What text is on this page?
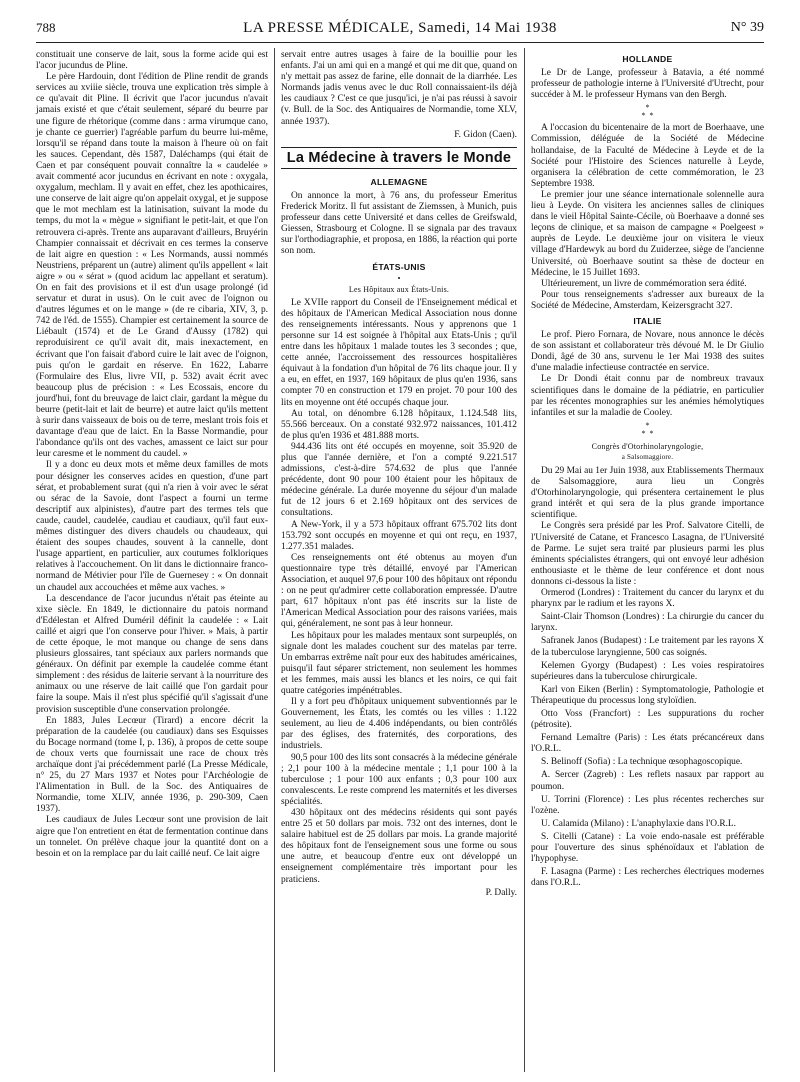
788	LA PRESSE MÉDICALE, Samedi, 14 Mai 1938	N° 39

constituait une conserve de lait, sous la forme acide qui est l'acor jucundus de Pline.

Le père Hardouin, dont l'édition de Pline rendit de grands services au xviiie siècle, trouva une explication très simple à ce qu'avait dit Pline. Il écrivit que l'acor jucundus n'avait jamais existé et que c'était seulement, séparé du beurre par une figure de rhétorique (comme dans : arma virumque cano, je chante ce guerrier) l'agréable parfum du beurre lui-même, lorsqu'il se répand dans toute la maison à l'heure où on fait les sauces. Cependant, dès 1587, Daléchamps (qui était de Caen et par conséquent pouvait connaître la « caudelée » avait commenté acor jucundus en écrivant en note : oxygala, oxygalum, mechlam. Il y avait en effet, chez les apothicaires, une conserve de lait aigre qu'on appelait oxygal, et je suppose que le mot mechlam est la latinisation, suivant la mode du temps, du mot la « mègue » signifiant le petit-lait, et que l'on retrouvera ci-après. Trente ans auparavant d'ailleurs, Bruyérin Champier connaissait et décrivait en ces termes la conserve de lait aigre en question : « Les Normands, aussi nommés Neustriens, préparent un (autre) aliment qu'ils appellent « lait aigre » ou « sérat » (quod acidum lac appellant et seratum). On en fait des provisions et il est d'un usage prolongé (id servatur et durat in usus). On le cuit avec de l'oignon ou d'autres légumes et on le mange » (de re cibaria, XIV, 3, p. 742 de l'éd. de 1555). Champier est certainement la source de Liébault (1574) et de Le Grand d'Aussy (1782) qui reproduisirent ce qu'il avait dit, mais inexactement, en écrivant que l'on faisait d'abord cuire le lait avec de l'oignon, puis qu'on le gardait en réserve. En 1622, Labarre (Formulaire des Elus, livre VII, p. 532) avait écrit avec beaucoup plus de précision : « Les Ecossais, encore du jourd'hui, font du breuvage de laict clair, gardant la mègue du beurre (petit-lait et lait de beurre) et autre laict qu'ils mettent à surir dans vaisseaux de bois ou de terre, meslant trois fois et davantage d'eau que de laict. En la Basse Normandie, pour l'abondance qu'ils ont des vaches, amassent ce laict sur pour leur caresme et le nomment du caudel. »

Il y a donc eu deux mots et même deux familles de mots pour désigner les conserves acides en question, d'une part sérat, et probablement surat (qui n'a rien à voir avec le sérat ou sérac de la Savoie, dont l'aspect a fourni un terme descriptif aux alpinistes), d'autre part des termes tels que caude, caudel, caudelée, caudiau et caudiaux, qu'il faut eux-mêmes distinguer des divers chaudels ou chaudeaux, qui étaient des soupes chaudes, souvent à la cannelle, dont l'usage appartient, en particulier, aux coutumes folkloriques relatives à l'accouchement. On lit dans le dictionnaire franco-normand de Métivier pour l'île de Guernesey : « On donnait un chaudel aux accouchées et même aux vaches. »

La descendance de l'acor jucundus n'était pas éteinte au xixe siècle. En 1849, le dictionnaire du patois normand d'Edélestan et Alfred Duméril définit la caudelée : « Lait caillé et aigri que l'on conserve pour l'hiver. » Mais, à partir de cette époque, le mot manque ou change de sens dans plusieurs glossaires, tant spéciaux aux parlers normands que généraux. On définit par exemple la caudelée comme étant simplement : des résidus de laiterie servant à la nourriture des animaux ou une réserve de lait caillé que l'on gardait pour faire la soupe. Mais il n'est plus spécifié qu'il s'agissait d'une provision susceptible d'une conservation prolongée.

En 1883, Jules Lecœur (Tirard) a encore décrit la préparation de la caudelée (ou caudiaux) dans ses Esquisses du Bocage normand (tome I, p. 136), à propos de cette soupe de choux verts que fournissait une race de choux très archaïque dont j'ai précédemment parlé (La Presse Médicale, n° 25, du 27 Mars 1937 et Notes pour l'Archéologie de l'Alimentation in Bull. de la Soc. des Antiquaires de Normandie, tome XLIV, année 1936, p. 290-309, Caen 1937).

Les caudiaux de Jules Lecœur sont une provision de lait aigre que l'on entretient en état de fermentation continue dans un tonnelet. On prélève chaque jour la quantité dont on a besoin et on la remplace par du lait caillé neuf. Ce lait aigre

servait entre autres usages à faire de la bouillie pour les enfants. J'ai un ami qui en a mangé et qui me dit que, quand on n'y mettait pas assez de farine, elle donnait de la diarrhée. Les Normands jadis venus avec le duc Roll connaissaient-ils déjà les caudiaux ? C'est ce que jusqu'ici, je n'ai pas réussi à savoir (v. Bull. de la Soc. des Antiquaires de Normandie, tome XLV, année 1937).

F. Gidon (Caen).

La Médecine à travers le Monde
ALLEMAGNE

On annonce la mort, à 76 ans, du professeur Emeritus Frederick Moritz. Il fut assistant de Ziemssen, à Munich, puis professeur dans cette Université et dans celles de Greifswald, Giessen, Strasbourg et Cologne. Il se signala par des travaux sur l'orthodiagraphie, et proposa, en 1886, la réaction qui porte son nom.

ÉTATS-UNIS
•
Les Hôpitaux aux États-Unis.

Le XVIIe rapport du Conseil de l'Enseignement médical et des hôpitaux de l'American Medical Association nous donne des renseignements intéressants. Nous y apprenons que 1 personne sur 14 est soignée à l'hôpital aux Etats-Unis ; qu'il entre dans les hôpitaux 1 malade toutes les 3 secondes ; que, cette année, l'accroissement des ressources hospitalières équivaut à la fondation d'un hôpital de 76 lits chaque jour. Il y a eu, en effet, en 1937, 169 hôpitaux de plus qu'en 1936, sans compter 70 en construction et 179 en projet. 70 pour 100 des lits en moyenne ont été occupés chaque jour.

Au total, on dénombre 6.128 hôpitaux, 1.124.548 lits, 55.566 berceaux. On a constaté 932.972 naissances, 101.412 de plus qu'en 1936 et 481.888 morts.

944.436 lits ont été occupés en moyenne, soit 35.920 de plus que l'année dernière, et l'on a compté 9.221.517 admissions, c'est-à-dire 574.632 de plus que l'année précédente, dont 90 pour 100 étaient pour les hôpitaux de médecine générale. La durée moyenne du séjour d'un malade fut de 12 jours 6 et 2.169 hôpitaux ont des services de consultations.

A New-York, il y a 573 hôpitaux offrant 675.702 lits dont 153.792 sont occupés en moyenne et qui ont reçu, en 1937, 1.277.351 malades.

Ces renseignements ont été obtenus au moyen d'un questionnaire type très détaillé, envoyé par l'American Association, et auquel 97,6 pour 100 des hôpitaux ont répondu : on ne peut qu'admirer cette collaboration empressée. D'autre part, 617 hôpitaux n'ont pas été inscrits sur la liste de l'American Medical Association pour des raisons variées, mais qui, généralement, ne sont pas à leur honneur.

Les hôpitaux pour les malades mentaux sont surpeuplés, on signale dont les malades couchent sur des matelas par terre. Un embarras extrême naît pour eux des habitudes américaines, puisqu'il faut séparer strictement, non seulement les hommes et les femmes, mais aussi les blancs et les noirs, ce qui fait quatre catégories impénétrables.

Il y a fort peu d'hôpitaux uniquement subventionnés par le Gouvernement, les États, les comtés ou les villes : 1.122 seulement, au lieu de 4.406 indépendants, ou bien contrôlés par des églises, des fraternités, des corporations, des industriels.

90,5 pour 100 des lits sont consacrés à la médecine générale ; 2,1 pour 100 à la médecine mentale ; 1,1 pour 100 à la tuberculose ; 1 pour 100 aux enfants ; 0,3 pour 100 aux convalescents. Le reste comprend les maternités et les diverses spécialités.

430 hôpitaux ont des médecins résidents qui sont payés entre 25 et 50 dollars par mois. 732 ont des internes, dont le salaire habituel est de 25 dollars par mois. La grande majorité des hôpitaux font de l'enseignement sous une forme ou sous une autre, et beaucoup d'entre eux ont développé un enseignement complémentaire très important pour les praticiens.

P. Dally.

HOLLANDE

Le Dr de Lange, professeur à Batavia, a été nommé professeur de pathologie interne à l'Université d'Utrecht, pour succéder à M. le professeur Hymans van den Bergh.

*
*  *

A l'occasion du bicentenaire de la mort de Boerhaave, une Commission, déléguée de la Société de Médecine hollandaise, de la Faculté de Médecine à Leyde et de la Société pour l'Histoire des Sciences naturelle à Leyde, organisera la célébration de cette commémoration, le 23 Septembre 1938.

Le premier jour une séance internationale solennelle aura lieu à Leyde. On visitera les anciennes salles de cliniques dans le vieil Hôpital Sainte-Cécile, où Boerhaave a donné ses leçons de clinique, et sa maison de campagne « Poelgeest » auprès de Leyde. Le deuxième jour on visitera le vieux village d'Hardewyk au bord du Zuiderzee, siège de l'ancienne Université, où Boerhaave soutint sa thèse de docteur en Médecine, le 15 Juillet 1693.

Ultérieurement, un livre de commémoration sera édité.

Pour tous renseignements s'adresser aux bureaux de la Société de Médecine, Amsterdam, Keizersgracht 327.

ITALIE

Le prof. Piero Fornara, de Novare, nous annonce le décès de son assistant et collaborateur très dévoué M. le Dr Giulio Dondi, âgé de 30 ans, survenu le 1er Mai 1938 des suites d'une maladie infectieuse contractée en service.

Le Dr Dondi était connu par de nombreux travaux scientifiques dans le domaine de la pédiatrie, en particulier par les récentes monographies sur les anémies hémolytiques infantiles et sur la maladie de Cooley.

*
*  *
Congrès d'Otorhinolaryngologie,
a Salsomaggiore.

Du 29 Mai au 1er Juin 1938, aux Etablissements Thermaux de Salsomaggiore, aura lieu un Congrès d'Otorhinolaryngologie, qui présentera certainement le plus grand intérêt et qui sera de la plus grande importance scientifique.

Le Congrès sera présidé par les Prof. Salvatore Citelli, de l'Université de Catane, et Francesco Lasagna, de l'Université de Parme. Le sujet sera traité par plusieurs parmi les plus éminents spécialistes étrangers, qui ont envoyé leur adhésion enthousiaste et le thème de leur conférence et dont nous donnons ci-dessous la liste :

Ormerod (Londres) : Traitement du cancer du larynx et du pharynx par le radium et les rayons X.
Saint-Clair Thomson (Londres) : La chirurgie du cancer du larynx.
Safranek Janos (Budapest) : Le traitement par les rayons X de la tuberculose laryngienne, 500 cas soignés.
Kelemen Gyorgy (Budapest) : Les voies respiratoires supérieures dans la tuberculose chirurgicale.
Karl von Eiken (Berlin) : Symptomatologie, Pathologie et Thérapeutique du processus long styloïdien.
Otto Voss (Francfort) : Les suppurations du rocher (pétrosite).
Fernand Lemaître (Paris) : Les états précancéreux dans l'O.R.L.
S. Belinoff (Sofia) : La technique œsophagoscopique.
A. Sercer (Zagreb) : Les reflets nasaux par rapport au poumon.
U. Torrini (Florence) : Les plus récentes recherches sur l'ozène.
U. Calamida (Milano) : L'anaphylaxie dans l'O.R.L.
S. Citelli (Catane) : La voie endo-nasale est préférable pour l'ouverture des sinus sphénoïdaux et l'ablation de l'hypophyse.
F. Lasagna (Parme) : Les recherches électriques modernes dans l'O.R.L.
